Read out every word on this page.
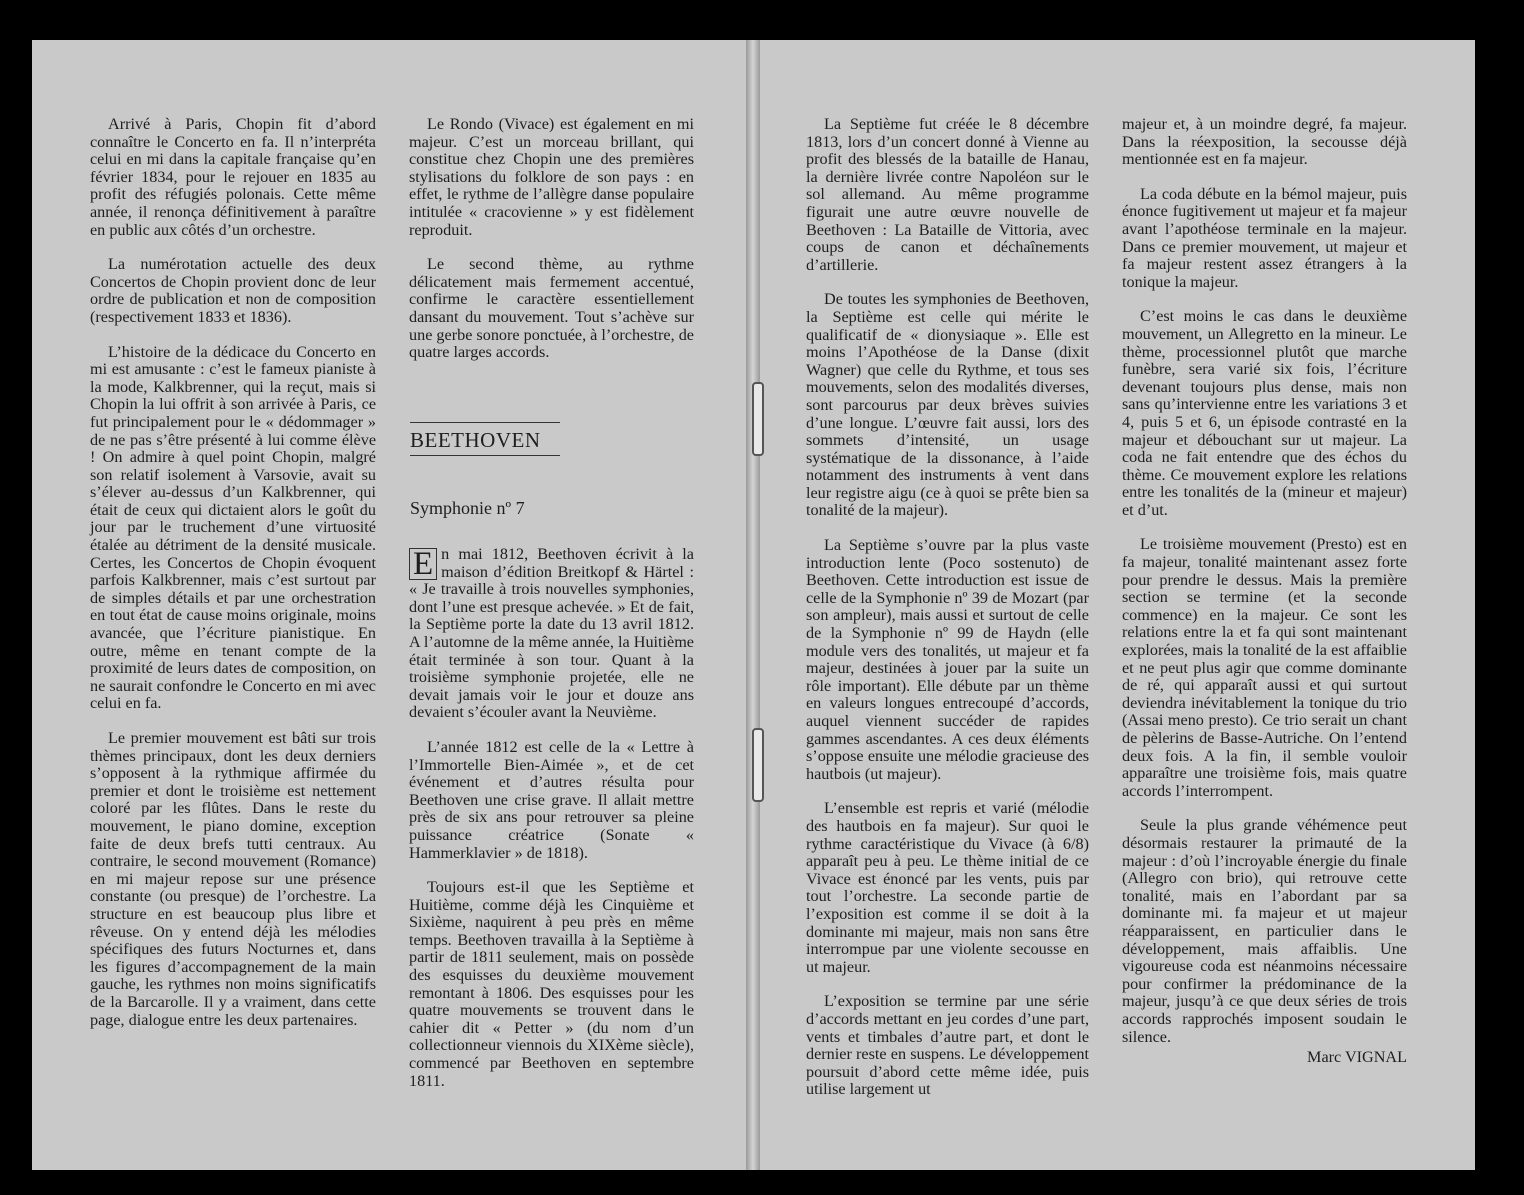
Arrivé à Paris, Chopin fit d’abord connaître le Concerto en fa. Il n’interpréta celui en mi dans la capitale française qu’en février 1834, pour le rejouer en 1835 au profit des réfugiés polonais. Cette même année, il renonça définitivement à paraître en public aux côtés d’un orchestre.

La numérotation actuelle des deux Concertos de Chopin provient donc de leur ordre de publication et non de composition (respectivement 1833 et 1836).

L’histoire de la dédicace du Concerto en mi est amusante : c’est le fameux pianiste à la mode, Kalkbrenner, qui la reçut, mais si Chopin la lui offrit à son arrivée à Paris, ce fut principalement pour le « dédommager » de ne pas s’être présenté à lui comme élève ! On admire à quel point Chopin, malgré son relatif isolement à Varsovie, avait su s’élever au-dessus d’un Kalkbrenner, qui était de ceux qui dictaient alors le goût du jour par le truchement d’une virtuosité étalée au détriment de la densité musicale. Certes, les Concertos de Chopin évoquent parfois Kalkbrenner, mais c’est surtout par de simples détails et par une orchestration en tout état de cause moins originale, moins avancée, que l’écriture pianistique. En outre, même en tenant compte de la proximité de leurs dates de composition, on ne saurait confondre le Concerto en mi avec celui en fa.

Le premier mouvement est bâti sur trois thèmes principaux, dont les deux derniers s’opposent à la rythmique affirmée du premier et dont le troisième est nettement coloré par les flûtes. Dans le reste du mouvement, le piano domine, exception faite de deux brefs tutti centraux. Au contraire, le second mouvement (Romance) en mi majeur repose sur une présence constante (ou presque) de l’orchestre. La structure en est beaucoup plus libre et rêveuse. On y entend déjà les mélodies spécifiques des futurs Nocturnes et, dans les figures d’accompagnement de la main gauche, les rythmes non moins significatifs de la Barcarolle. Il y a vraiment, dans cette page, dialogue entre les deux partenaires.

Le Rondo (Vivace) est également en mi majeur. C’est un morceau brillant, qui constitue chez Chopin une des premières stylisations du folklore de son pays : en effet, le rythme de l’allègre danse populaire intitulée « cracovienne » y est fidèlement reproduit.

Le second thème, au rythme délicatement mais fermement accentué, confirme le caractère essentiellement dansant du mouvement. Tout s’achève sur une gerbe sonore ponctuée, à l’orchestre, de quatre larges accords.

BEETHOVEN
Symphonie nº 7

E n mai 1812, Beethoven écrivit à la maison d’édition Breitkopf & Härtel : « Je travaille à trois nouvelles symphonies, dont l’une est presque achevée. » Et de fait, la Septième porte la date du 13 avril 1812. A l’automne de la même année, la Huitième était terminée à son tour. Quant à la troisième symphonie projetée, elle ne devait jamais voir le jour et douze ans devaient s’écouler avant la Neuvième.

L’année 1812 est celle de la « Lettre à l’Immortelle Bien-Aimée », et de cet événement et d’autres résulta pour Beethoven une crise grave. Il allait mettre près de six ans pour retrouver sa pleine puissance créatrice (Sonate « Hammerklavier » de 1818).

Toujours est-il que les Septième et Huitième, comme déjà les Cinquième et Sixième, naquirent à peu près en même temps. Beethoven travailla à la Septième à partir de 1811 seulement, mais on possède des esquisses du deuxième mouvement remontant à 1806. Des esquisses pour les quatre mouvements se trouvent dans le cahier dit « Petter » (du nom d’un collectionneur viennois du XIXème siècle), commencé par Beethoven en septembre 1811.

La Septième fut créée le 8 décembre 1813, lors d’un concert donné à Vienne au profit des blessés de la bataille de Hanau, la dernière livrée contre Napoléon sur le sol allemand. Au même programme figurait une autre œuvre nouvelle de Beethoven : La Bataille de Vittoria, avec coups de canon et déchaînements d’artillerie.

De toutes les symphonies de Beethoven, la Septième est celle qui mérite le qualificatif de « dionysiaque ». Elle est moins l’Apothéose de la Danse (dixit Wagner) que celle du Rythme, et tous ses mouvements, selon des modalités diverses, sont parcourus par deux brèves suivies d’une longue. L’œuvre fait aussi, lors des sommets d’intensité, un usage systématique de la dissonance, à l’aide notamment des instruments à vent dans leur registre aigu (ce à quoi se prête bien sa tonalité de la majeur).

La Septième s’ouvre par la plus vaste introduction lente (Poco sostenuto) de Beethoven. Cette introduction est issue de celle de la Symphonie nº 39 de Mozart (par son ampleur), mais aussi et surtout de celle de la Symphonie nº 99 de Haydn (elle module vers des tonalités, ut majeur et fa majeur, destinées à jouer par la suite un rôle important). Elle débute par un thème en valeurs longues entrecoupé d’accords, auquel viennent succéder de rapides gammes ascendantes. A ces deux éléments s’oppose ensuite une mélodie gracieuse des hautbois (ut majeur).

L’ensemble est repris et varié (mélodie des hautbois en fa majeur). Sur quoi le rythme caractéristique du Vivace (à 6/8) apparaît peu à peu. Le thème initial de ce Vivace est énoncé par les vents, puis par tout l’orchestre. La seconde partie de l’exposition est comme il se doit à la dominante mi majeur, mais non sans être interrompue par une violente secousse en ut majeur.

L’exposition se termine par une série d’accords mettant en jeu cordes d’une part, vents et timbales d’autre part, et dont le dernier reste en suspens. Le développement poursuit d’abord cette même idée, puis utilise largement ut

majeur et, à un moindre degré, fa majeur. Dans la réexposition, la secousse déjà mentionnée est en fa majeur.

La coda débute en la bémol majeur, puis énonce fugitivement ut majeur et fa majeur avant l’apothéose terminale en la majeur. Dans ce premier mouvement, ut majeur et fa majeur restent assez étrangers à la tonique la majeur.

C’est moins le cas dans le deuxième mouvement, un Allegretto en la mineur. Le thème, processionnel plutôt que marche funèbre, sera varié six fois, l’écriture devenant toujours plus dense, mais non sans qu’intervienne entre les variations 3 et 4, puis 5 et 6, un épisode contrasté en la majeur et débouchant sur ut majeur. La coda ne fait entendre que des échos du thème. Ce mouvement explore les relations entre les tonalités de la (mineur et majeur) et d’ut.

Le troisième mouvement (Presto) est en fa majeur, tonalité maintenant assez forte pour prendre le dessus. Mais la première section se termine (et la seconde commence) en la majeur. Ce sont les relations entre la et fa qui sont maintenant explorées, mais la tonalité de la est affaiblie et ne peut plus agir que comme dominante de ré, qui apparaît aussi et qui surtout deviendra inévitablement la tonique du trio (Assai meno presto). Ce trio serait un chant de pèlerins de Basse-Autriche. On l’entend deux fois. A la fin, il semble vouloir apparaître une troisième fois, mais quatre accords l’interrompent.

Seule la plus grande véhémence peut désormais restaurer la primauté de la majeur : d’où l’incroyable énergie du finale (Allegro con brio), qui retrouve cette tonalité, mais en l’abordant par sa dominante mi. fa majeur et ut majeur réapparaissent, en particulier dans le développement, mais affaiblis. Une vigoureuse coda est néanmoins nécessaire pour confirmer la prédominance de la majeur, jusqu’à ce que deux séries de trois accords rapprochés imposent soudain le silence.

Marc VIGNAL
